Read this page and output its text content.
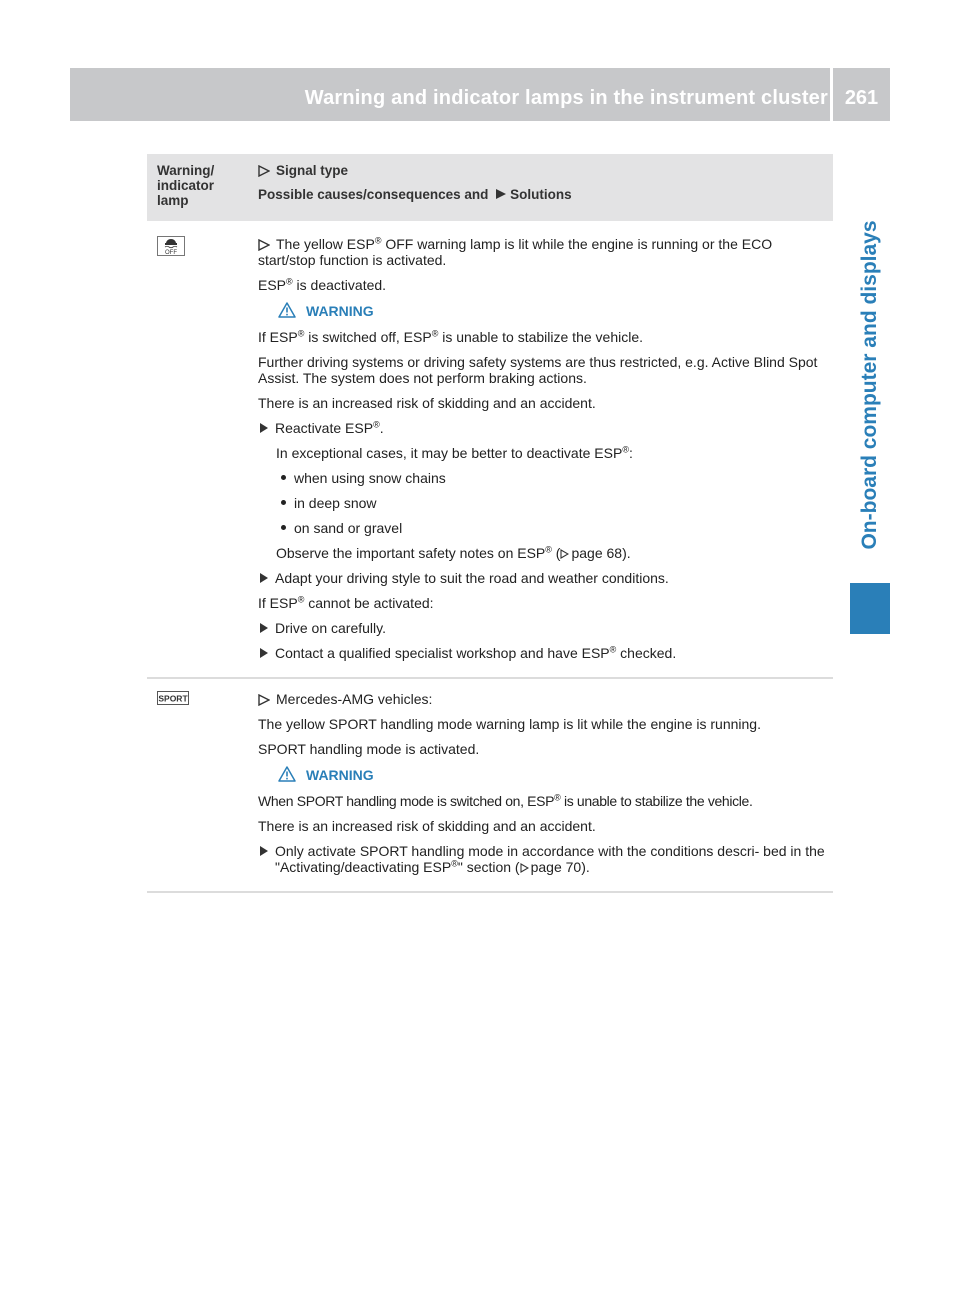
Warning and indicator lamps in the instrument cluster 261
On-board computer and displays
Warning/ indicator lamp
Signal type
Possible causes/consequences and Solutions
OFF

The yellow ESP® OFF warning lamp is lit while the engine is running or the ECO start/stop function is activated.

ESP® is deactivated.

WARNING

If ESP® is switched off, ESP® is unable to stabilize the vehicle.

Further driving systems or driving safety systems are thus restricted, e.g. Active Blind Spot Assist. The system does not perform braking actions.

There is an increased risk of skidding and an accident.

Reactivate ESP®.

In exceptional cases, it may be better to deactivate ESP®:

when using snow chains

in deep snow

on sand or gravel

Observe the important safety notes on ESP® ( page 68).

Adapt your driving style to suit the road and weather conditions.

If ESP® cannot be activated:

Drive on carefully.

Contact a qualified specialist workshop and have ESP® checked.

SPORT	Mercedes-AMG vehicles:

The yellow SPORT handling mode warning lamp is lit while the engine is running.

SPORT handling mode is activated.

WARNING

When SPORT handling mode is switched on, ESP® is unable to stabilize the vehicle.

There is an increased risk of skidding and an accident.

Only activate SPORT handling mode in accordance with the conditions descri- bed in the "Activating/deactivating ESP®" section ( page 70).
